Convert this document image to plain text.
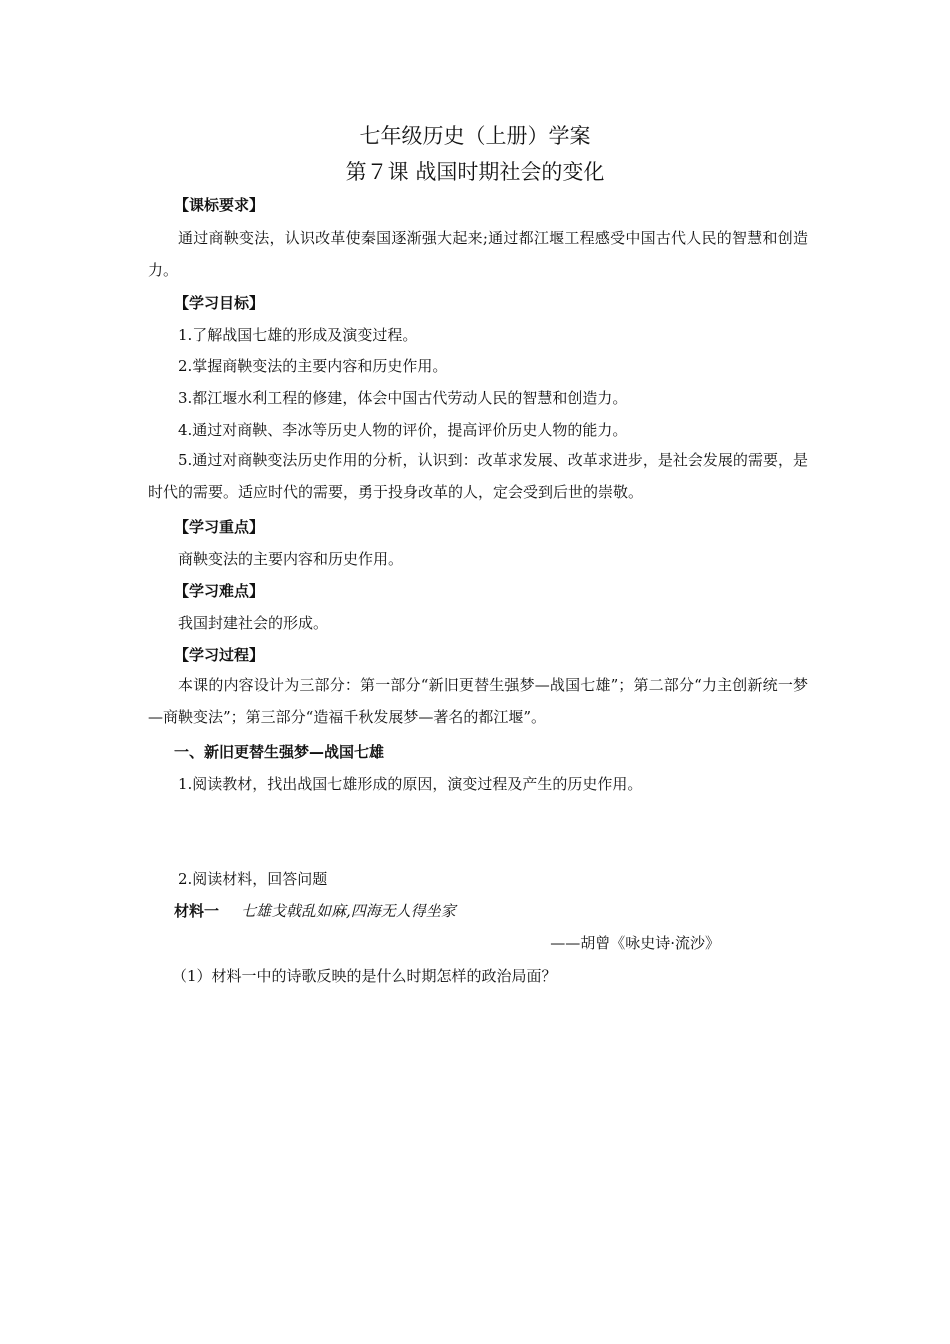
七年级历史（上册）学案
第７课 战国时期社会的变化
【课标要求】

通过商鞅变法，认识改革使秦国逐渐强大起来;通过都江堰工程感受中国古代人民的智慧和创造力。

【学习目标】

1.了解战国七雄的形成及演变过程。

2.掌握商鞅变法的主要内容和历史作用。

3.都江堰水利工程的修建，体会中国古代劳动人民的智慧和创造力。

4.通过对商鞅、李冰等历史人物的评价，提高评价历史人物的能力。

5.通过对商鞅变法历史作用的分析，认识到：改革求发展、改革求进步，是社会发展的需要，是时代的需要。适应时代的需要，勇于投身改革的人，定会受到后世的崇敬。

【学习重点】

商鞅变法的主要内容和历史作用。

【学习难点】

我国封建社会的形成。

【学习过程】

本课的内容设计为三部分：第一部分“新旧更替生强梦—战国七雄”；第二部分“力主创新统一梦—商鞅变法”；第三部分“造福千秋发展梦—著名的都江堰”。

一、新旧更替生强梦—战国七雄

1.阅读教材，找出战国七雄形成的原因，演变过程及产生的历史作用。

2.阅读材料，回答问题

材料一 七雄戈戟乱如麻,四海无人得坐家
——胡曾《咏史诗·流沙》

（1）材料一中的诗歌反映的是什么时期怎样的政治局面？
